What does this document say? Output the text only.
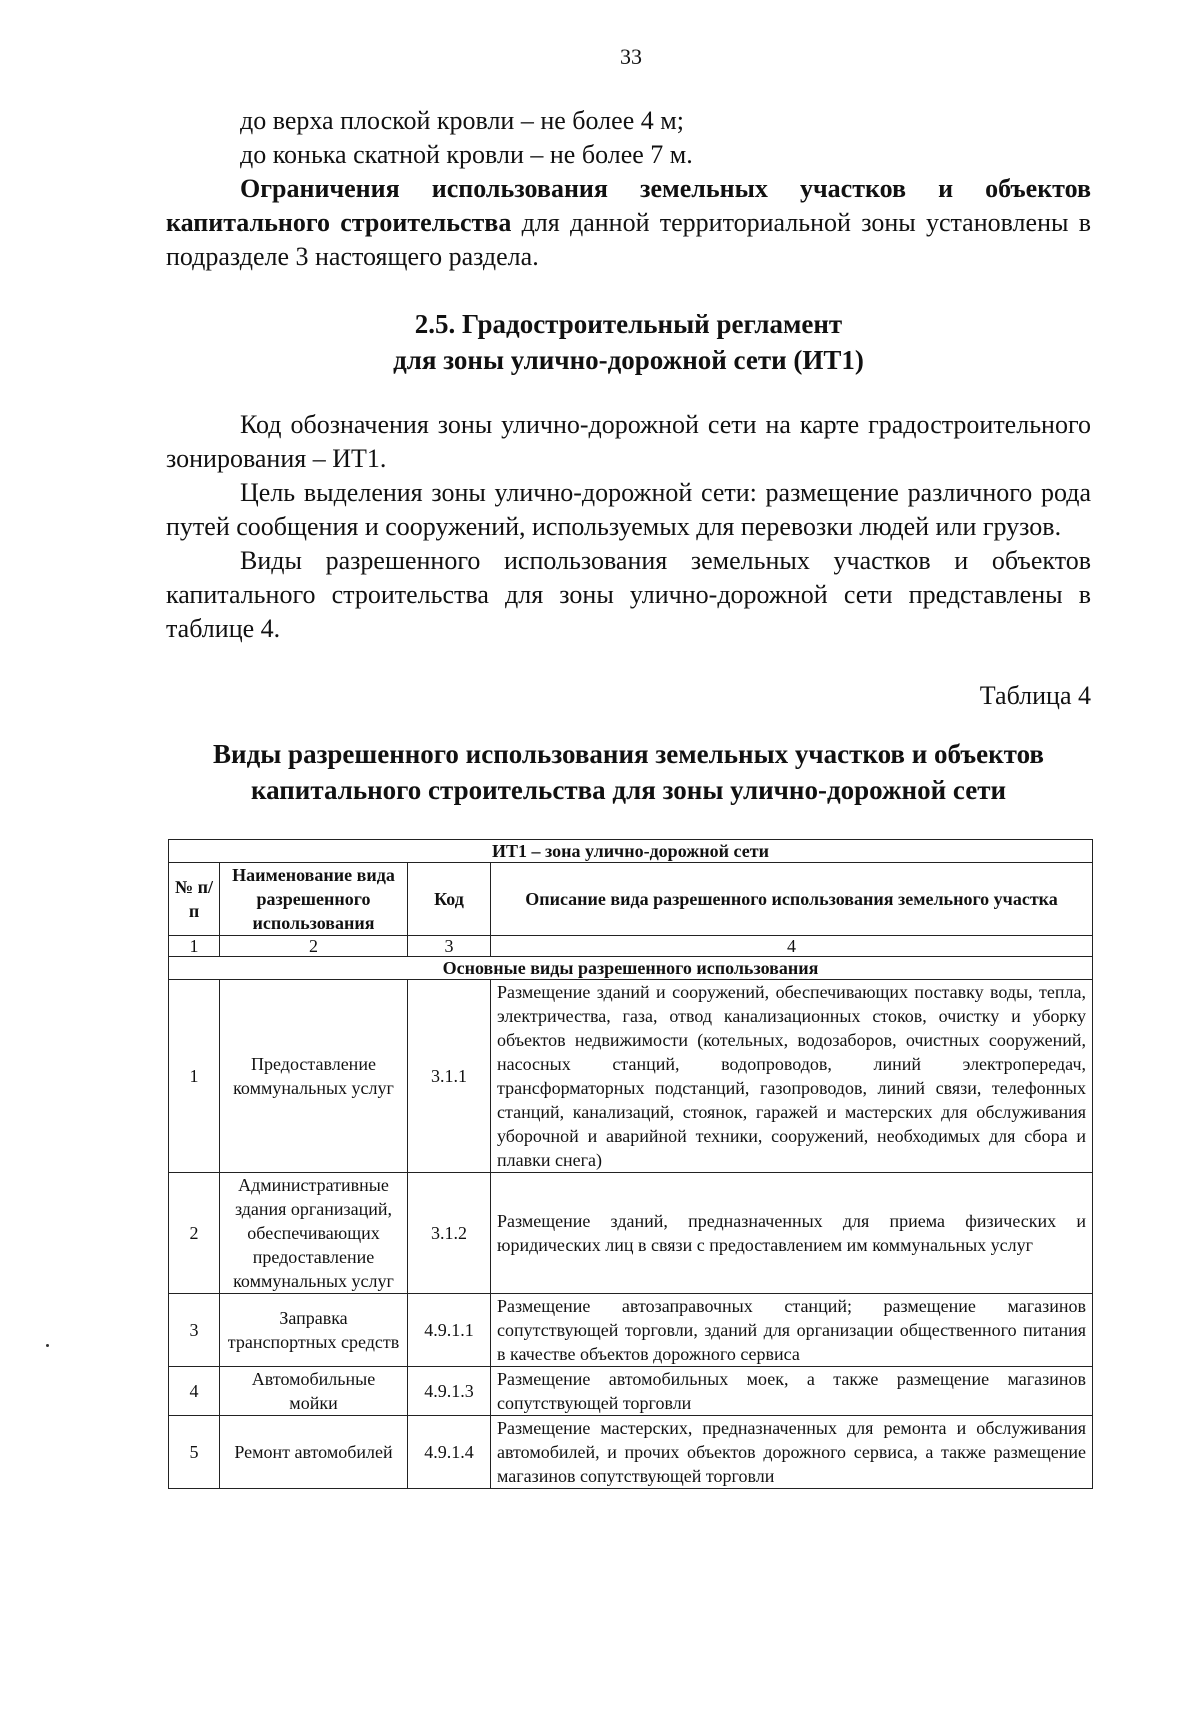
33

до верха плоской кровли – не более 4 м;

до конька скатной кровли – не более 7 м.

Ограничения использования земельных участков и объектов капитального строительства для данной территориальной зоны установлены в подразделе 3 настоящего раздела.

2.5. Градостроительный регламент
для зоны улично-дорожной сети (ИТ1)

Код обозначения зоны улично-дорожной сети на карте градостроительного зонирования – ИТ1.

Цель выделения зоны улично-дорожной сети: размещение различного рода путей сообщения и сооружений, используемых для перевозки людей или грузов.

Виды разрешенного использования земельных участков и объектов капитального строительства для зоны улично-дорожной сети представлены в таблице 4.

Таблица 4
Виды разрешенного использования земельных участков и объектов
капитального строительства для зоны улично-дорожной сети
ИТ1 – зона улично-дорожной сети			
№ п/п	Наименование вида разрешенного использования	Код	Описание вида разрешенного использования земельного участка
1	2	3	4
Основные виды разрешенного использования			
1	Предоставление коммунальных услуг	3.1.1	Размещение зданий и сооружений, обеспечивающих поставку воды, тепла, электричества, газа, отвод канализационных стоков, очистку и уборку объектов недвижимости (котельных, водозаборов, очистных сооружений, насосных станций, водопроводов, линий электропередач, трансформаторных подстанций, газопроводов, линий связи, телефонных станций, канализаций, стоянок, гаражей и мастерских для обслуживания уборочной и аварийной техники, сооружений, необходимых для сбора и плавки снега)
2	Административные здания организаций, обеспечивающих предоставление коммунальных услуг	3.1.2	Размещение зданий, предназначенных для приема физических и юридических лиц в связи с предоставлением им коммунальных услуг
3	Заправка транспортных средств	4.9.1.1	Размещение автозаправочных станций; размещение магазинов сопутствующей торговли, зданий для организации общественного питания в качестве объектов дорожного сервиса
4	Автомобильные мойки	4.9.1.3	Размещение автомобильных моек, а также размещение магазинов сопутствующей торговли
5	Ремонт автомобилей	4.9.1.4	Размещение мастерских, предназначенных для ремонта и обслуживания автомобилей, и прочих объектов дорожного сервиса, а также размещение магазинов сопутствующей торговли
